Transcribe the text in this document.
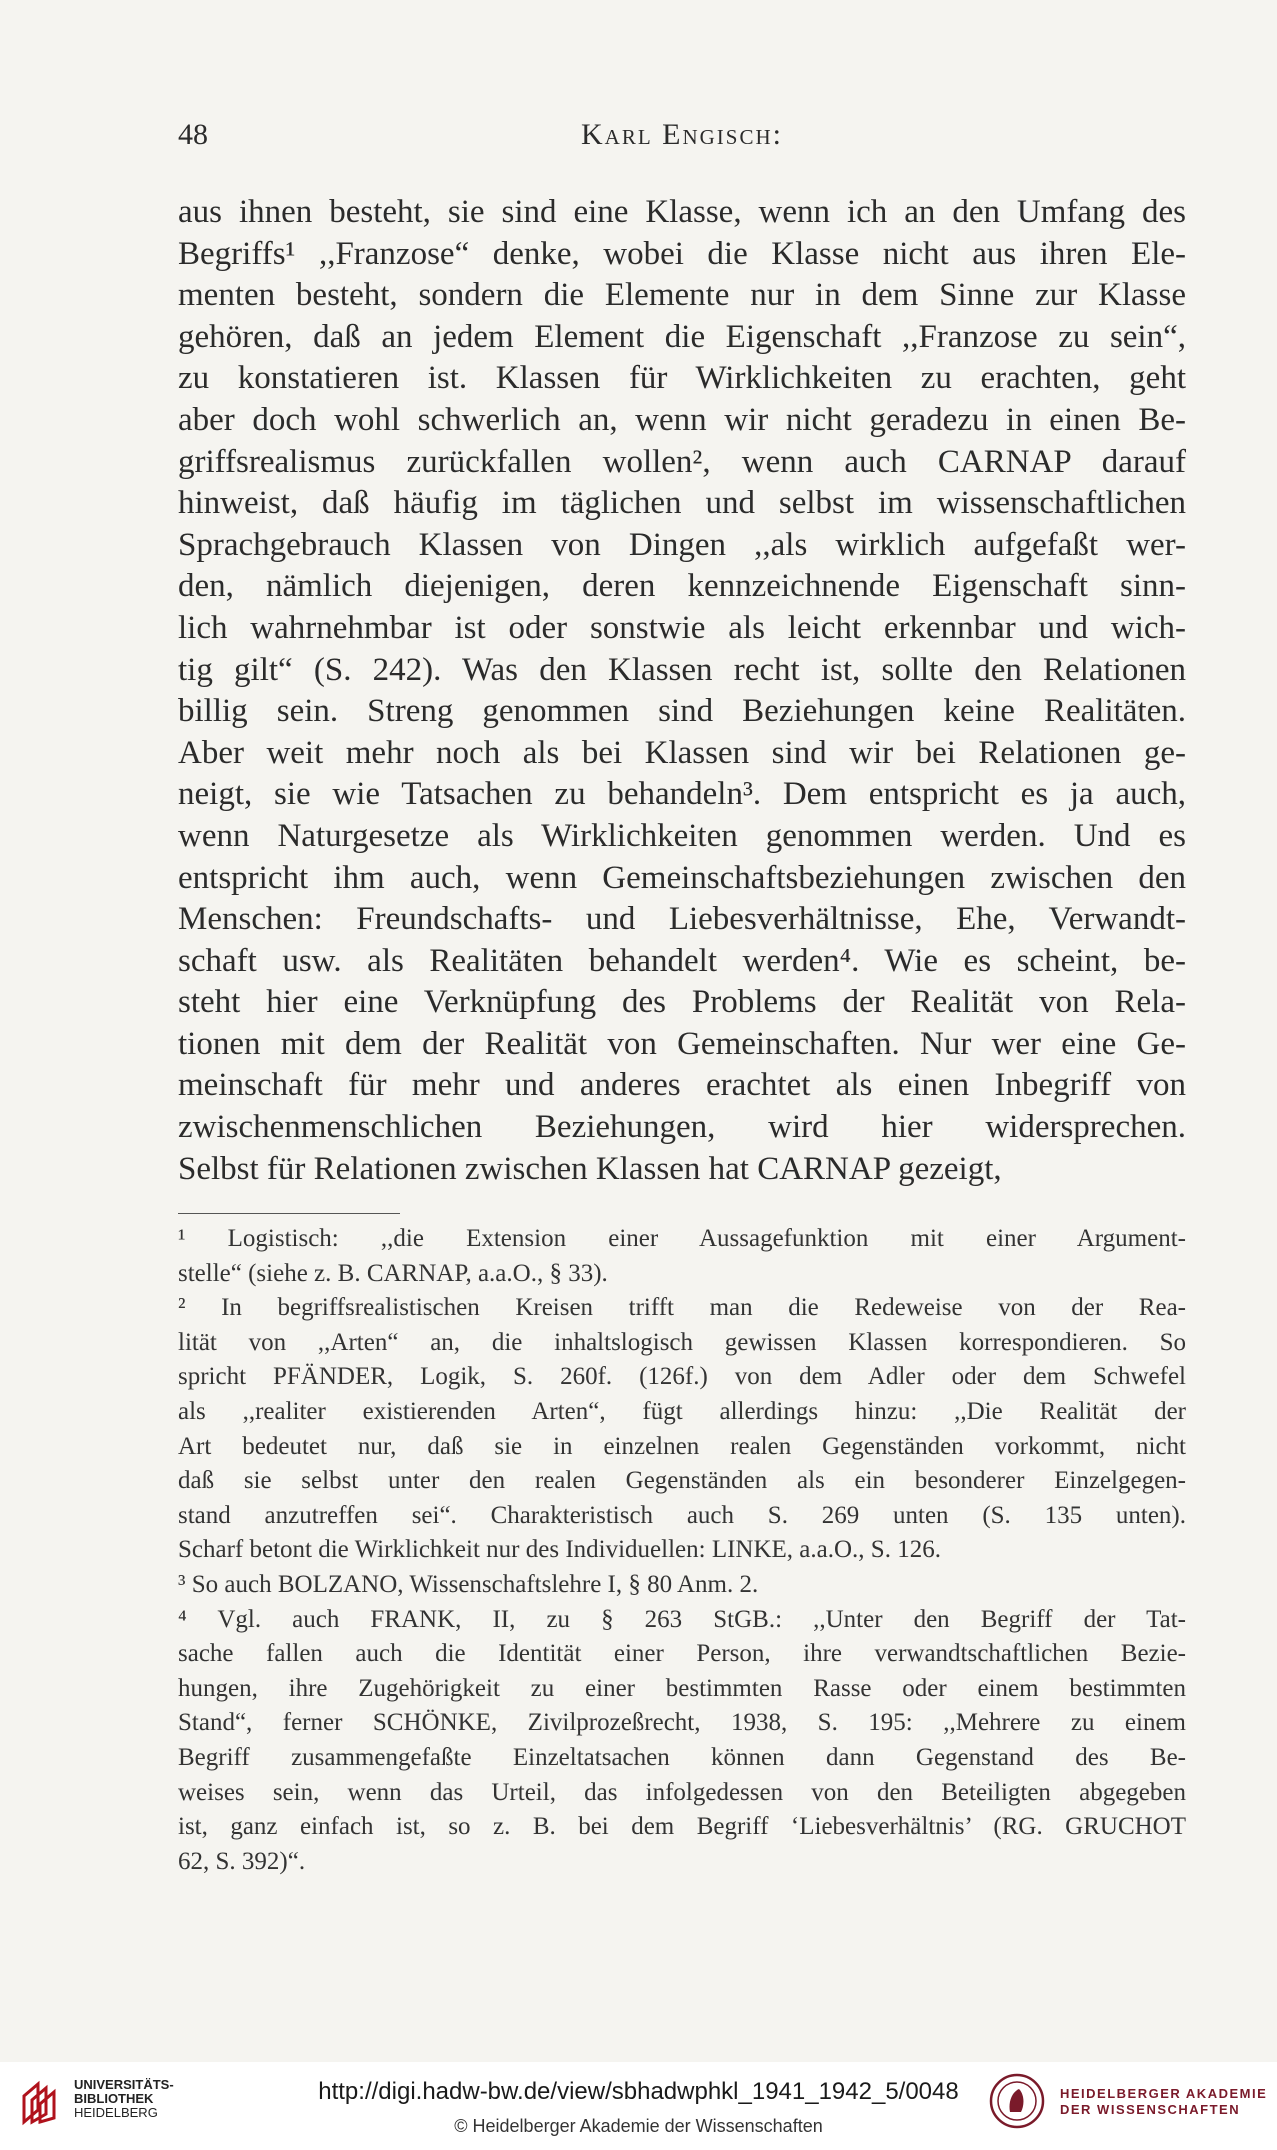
48	Karl Engisch:
aus ihnen besteht, sie sind eine Klasse, wenn ich an den Umfang des
Begriffs¹ ,,Franzose“ denke, wobei die Klasse nicht aus ihren Ele-
menten besteht, sondern die Elemente nur in dem Sinne zur Klasse
gehören, daß an jedem Element die Eigenschaft ,,Franzose zu sein“,
zu konstatieren ist. Klassen für Wirklichkeiten zu erachten, geht
aber doch wohl schwerlich an, wenn wir nicht geradezu in einen Be-
griffsrealismus zurückfallen wollen², wenn auch CARNAP darauf
hinweist, daß häufig im täglichen und selbst im wissenschaftlichen
Sprachgebrauch Klassen von Dingen ,,als wirklich aufgefaßt wer-
den, nämlich diejenigen, deren kennzeichnende Eigenschaft sinn-
lich wahrnehmbar ist oder sonstwie als leicht erkennbar und wich-
tig gilt“ (S. 242). Was den Klassen recht ist, sollte den Relationen
billig sein. Streng genommen sind Beziehungen keine Realitäten.
Aber weit mehr noch als bei Klassen sind wir bei Relationen ge-
neigt, sie wie Tatsachen zu behandeln³. Dem entspricht es ja auch,
wenn Naturgesetze als Wirklichkeiten genommen werden. Und es
entspricht ihm auch, wenn Gemeinschaftsbeziehungen zwischen den
Menschen: Freundschafts- und Liebesverhältnisse, Ehe, Verwandt-
schaft usw. als Realitäten behandelt werden⁴. Wie es scheint, be-
steht hier eine Verknüpfung des Problems der Realität von Rela-
tionen mit dem der Realität von Gemeinschaften. Nur wer eine Ge-
meinschaft für mehr und anderes erachtet als einen Inbegriff von
zwischenmenschlichen Beziehungen, wird hier widersprechen.
Selbst für Relationen zwischen Klassen hat CARNAP gezeigt,
¹ Logistisch: ,,die Extension einer Aussagefunktion mit einer Argument-
stelle“ (siehe z. B. CARNAP, a.a.O., § 33).
² In begriffsrealistischen Kreisen trifft man die Redeweise von der Rea-
lität von ,,Arten“ an, die inhaltslogisch gewissen Klassen korrespondieren. So
spricht PFÄNDER, Logik, S. 260f. (126f.) von dem Adler oder dem Schwefel
als ,,realiter existierenden Arten“, fügt allerdings hinzu: ,,Die Realität der
Art bedeutet nur, daß sie in einzelnen realen Gegenständen vorkommt, nicht
daß sie selbst unter den realen Gegenständen als ein besonderer Einzelgegen-
stand anzutreffen sei“. Charakteristisch auch S. 269 unten (S. 135 unten).
Scharf betont die Wirklichkeit nur des Individuellen: LINKE, a.a.O., S. 126.
³ So auch BOLZANO, Wissenschaftslehre I, § 80 Anm. 2.
⁴ Vgl. auch FRANK, II, zu § 263 StGB.: ,,Unter den Begriff der Tat-
sache fallen auch die Identität einer Person, ihre verwandtschaftlichen Bezie-
hungen, ihre Zugehörigkeit zu einer bestimmten Rasse oder einem bestimmten
Stand“, ferner SCHÖNKE, Zivilprozeßrecht, 1938, S. 195: ,,Mehrere zu einem
Begriff zusammengefaßte Einzeltatsachen können dann Gegenstand des Be-
weises sein, wenn das Urteil, das infolgedessen von den Beteiligten abgegeben
ist, ganz einfach ist, so z. B. bei dem Begriff ‘Liebesverhältnis’ (RG. GRUCHOT
62, S. 392)“.
UNIVERSITÄTS-
BIBLIOTHEK
HEIDELBERG
http://digi.hadw-bw.de/view/sbhadwphkl_1941_1942_5/0048
© Heidelberger Akademie der Wissenschaften
HEIDELBERGER AKADEMIE
DER WISSENSCHAFTEN
